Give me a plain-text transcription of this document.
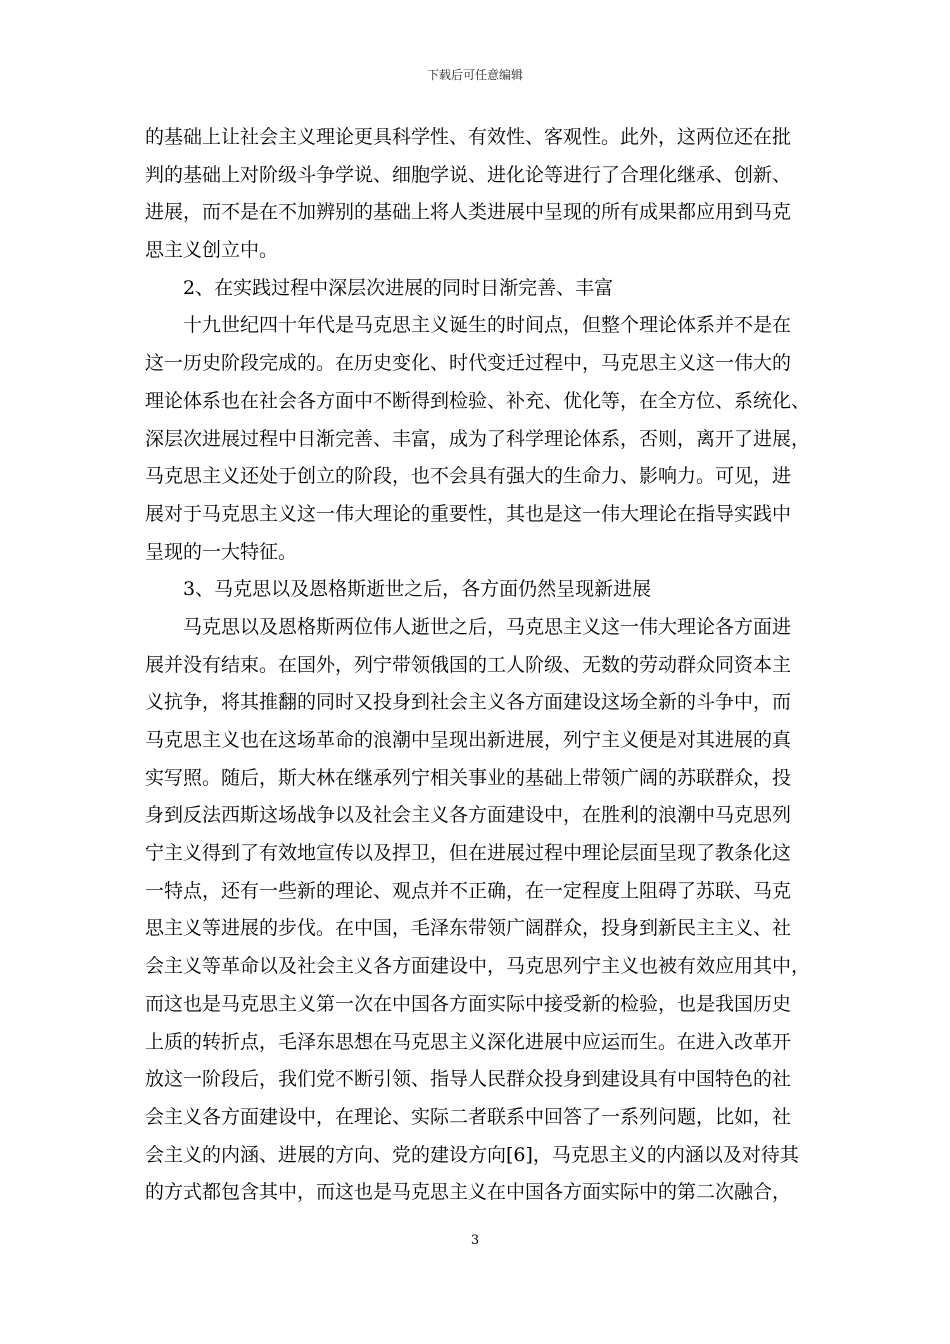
下载后可任意编辑
的基础上让社会主义理论更具科学性、有效性、客观性。此外，这两位还在批
判的基础上对阶级斗争学说、细胞学说、进化论等进行了合理化继承、创新、
进展，而不是在不加辨别的基础上将人类进展中呈现的所有成果都应用到马克
思主义创立中。
2、在实践过程中深层次进展的同时日渐完善、丰富
十九世纪四十年代是马克思主义诞生的时间点，但整个理论体系并不是在
这一历史阶段完成的。在历史变化、时代变迁过程中，马克思主义这一伟大的
理论体系也在社会各方面中不断得到检验、补充、优化等，在全方位、系统化、
深层次进展过程中日渐完善、丰富，成为了科学理论体系，否则，离开了进展，
马克思主义还处于创立的阶段，也不会具有强大的生命力、影响力。可见，进
展对于马克思主义这一伟大理论的重要性，其也是这一伟大理论在指导实践中
呈现的一大特征。
3、马克思以及恩格斯逝世之后，各方面仍然呈现新进展
马克思以及恩格斯两位伟人逝世之后，马克思主义这一伟大理论各方面进
展并没有结束。在国外，列宁带领俄国的工人阶级、无数的劳动群众同资本主
义抗争，将其推翻的同时又投身到社会主义各方面建设这场全新的斗争中，而
马克思主义也在这场革命的浪潮中呈现出新进展，列宁主义便是对其进展的真
实写照。随后，斯大林在继承列宁相关事业的基础上带领广阔的苏联群众，投
身到反法西斯这场战争以及社会主义各方面建设中，在胜利的浪潮中马克思列
宁主义得到了有效地宣传以及捍卫，但在进展过程中理论层面呈现了教条化这
一特点，还有一些新的理论、观点并不正确，在一定程度上阻碍了苏联、马克
思主义等进展的步伐。在中国，毛泽东带领广阔群众，投身到新民主主义、社
会主义等革命以及社会主义各方面建设中，马克思列宁主义也被有效应用其中，
而这也是马克思主义第一次在中国各方面实际中接受新的检验，也是我国历史
上质的转折点，毛泽东思想在马克思主义深化进展中应运而生。在进入改革开
放这一阶段后，我们党不断引领、指导人民群众投身到建设具有中国特色的社
会主义各方面建设中，在理论、实际二者联系中回答了一系列问题，比如，社
会主义的内涵、进展的方向、党的建设方向[6]，马克思主义的内涵以及对待其
的方式都包含其中，而这也是马克思主义在中国各方面实际中的第二次融合，
3
